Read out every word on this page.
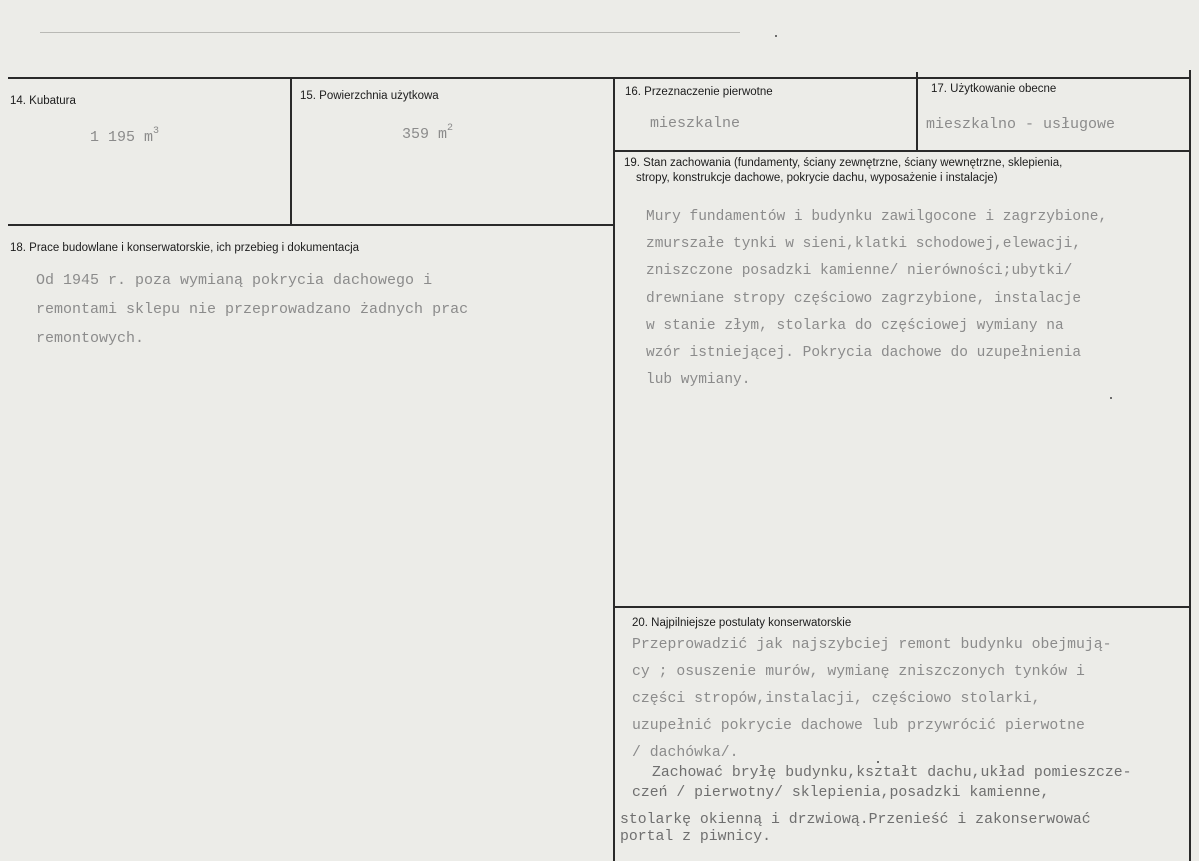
14. Kubatura
1 195 $m^3$
15. Powierzchnia użytkowa
359 $m^2$
16. Przeznaczenie pierwotne
mieszkalne
17. Użytkowanie obecne
mieszkalno - usługowe
18. Prace budowlane i konserwatorskie, ich przebieg i dokumentacja
Od 1945 r. poza wymianą pokrycia dachowego i
remontami sklepu nie przeprowadzano żadnych prac
remontowych.
19. Stan zachowania (fundamenty, ściany zewnętrzne, ściany wewnętrzne, sklepienia,
stropy, konstrukcje dachowe, pokrycie dachu, wyposażenie i instalacje)
Mury fundamentów i budynku zawilgocone i zagrzybione,
zmurszałe tynki w sieni,klatki schodowej,elewacji,
zniszczone posadzki kamienne/ nierówności;ubytki/
drewniane stropy częściowo zagrzybione, instalacje
w stanie złym, stolarka do częściowej wymiany na
wzór istniejącej. Pokrycia dachowe do uzupełnienia
lub wymiany.
20. Najpilniejsze postulaty konserwatorskie
Przeprowadzić jak najszybciej remont budynku obejmują-
cy ; osuszenie murów, wymianę zniszczonych tynków i
części stropów,instalacji, częściowo stolarki,
uzupełnić pokrycie dachowe lub przywrócić pierwotne
/ dachówka/.
Zachować bryłę budynku,kształt dachu,układ pomieszcze-
czeń / pierwotny/ sklepienia,posadzki kamienne,
stolarkę okienną i drzwiową.Przenieść i zakonserwować
portal z piwnicy.
